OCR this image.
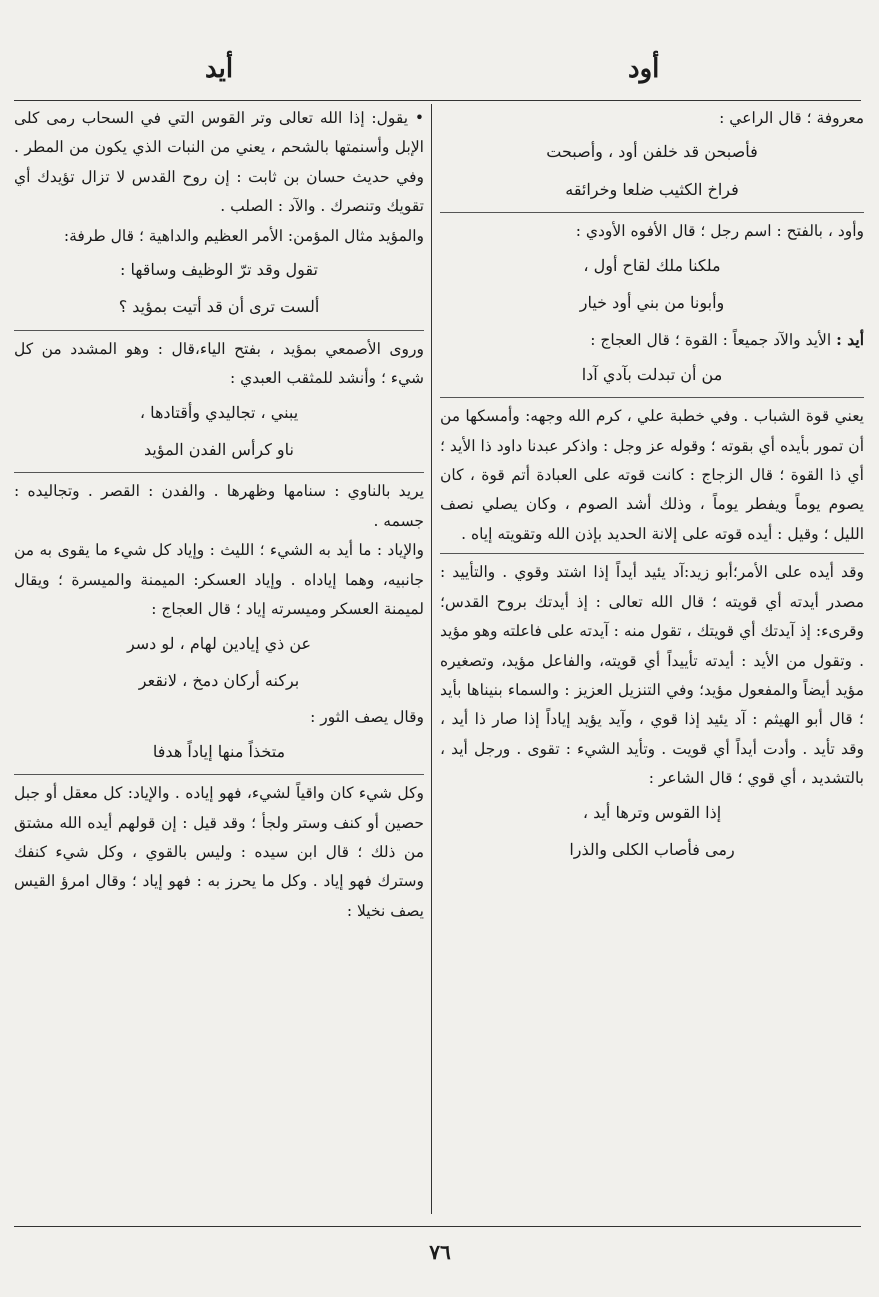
أيد	أود

معروفة ؛ قال الراعي :

فأصبحن قد خلفن أود ، وأصبحت

فراخ الكثيب ضلعا وخرائقه

وأود ، بالفتح : اسم رجل ؛ قال الأفوه الأودي :

ملكنا ملك لقاح أول ،

وأبونا من بني أود خيار

أيد : الأيد والآد جميعاً : القوة ؛ قال العجاج :

من أن تبدلت بآدي آدا

يعني قوة الشباب . وفي خطبة علي ، كرم الله وجهه: وأمسكها من أن تمور بأيده أي بقوته ؛ وقوله عز وجل : واذكر عبدنا داود ذا الأيد ؛ أي ذا القوة ؛ قال الزجاج : كانت قوته على العبادة أتم قوة ، كان يصوم يوماً ويفطر يوماً ، وذلك أشد الصوم ، وكان يصلي نصف الليل ؛ وقيل : أيده قوته على إلانة الحديد بإذن الله وتقويته إياه .

وقد أيده على الأمر؛أبو زيد:آد يئيد أيداً إذا اشتد وقوي . والتأييد : مصدر أيدته أي قويته ؛ قال الله تعالى : إذ أيدتك بروح القدس؛ وقرىء: إذ آيدتك أي قويتك ، تقول منه : آيدته على فاعلته وهو مؤيد . وتقول من الأيد : أيدته تأييداً أي قويته، والفاعل مؤيد، وتصغيره مؤيد أيضاً والمفعول مؤيد؛ وفي التنزيل العزيز : والسماء بنيناها بأيد ؛ قال أبو الهيثم : آد يئيد إذا قوي ، وآيد يؤيد إياداً إذا صار ذا أيد ، وقد تأيد . وأدت أيداً أي قويت . وتأيد الشيء : تقوى . ورجل أيد ، بالتشديد ، أي قوي ؛ قال الشاعر :

إذا القوس وترها أيد ،

رمى فأصاب الكلى والذرا

• يقول: إذا الله تعالى وتر القوس التي في السحاب رمى كلى الإبل وأسنمتها بالشحم ، يعني من النبات الذي يكون من المطر . وفي حديث حسان بن ثابت : إن روح القدس لا تزال تؤيدك أي تقويك وتنصرك . والآد : الصلب .

والمؤيد مثال المؤمن: الأمر العظيم والداهية ؛ قال طرفة:

تقول وقد ترّ الوظيف وساقها :

ألست ترى أن قد أتيت بمؤيد ؟

وروى الأصمعي بمؤيد ، بفتح الياء،قال : وهو المشدد من كل شيء ؛ وأنشد للمثقب العبدي :

يبني ، تجاليدي وأقتادها ،

ناو كرأس الفدن المؤيد

يريد بالناوي : سنامها وظهرها . والفدن : القصر . وتجاليده : جسمه .

والإياد : ما أيد به الشيء ؛ الليث : وإياد كل شيء ما يقوى به من جانبيه، وهما إياداه . وإياد العسكر: الميمنة والميسرة ؛ ويقال لميمنة العسكر وميسرته إياد ؛ قال العجاج :

عن ذي إيادين لهام ، لو دسر

بركنه أركان دمخ ، لانقعر

وقال يصف الثور :

متخذاً منها إياداً هدفا

وكل شيء كان واقياً لشيء، فهو إياده . والإياد: كل معقل أو جبل حصين أو كنف وستر ولجأ ؛ وقد قيل : إن قولهم أيده الله مشتق من ذلك ؛ قال ابن سيده : وليس بالقوي ، وكل شيء كنفك وسترك فهو إياد . وكل ما يحرز به : فهو إياد ؛ وقال امرؤ القيس يصف نخيلا :

٧٦
